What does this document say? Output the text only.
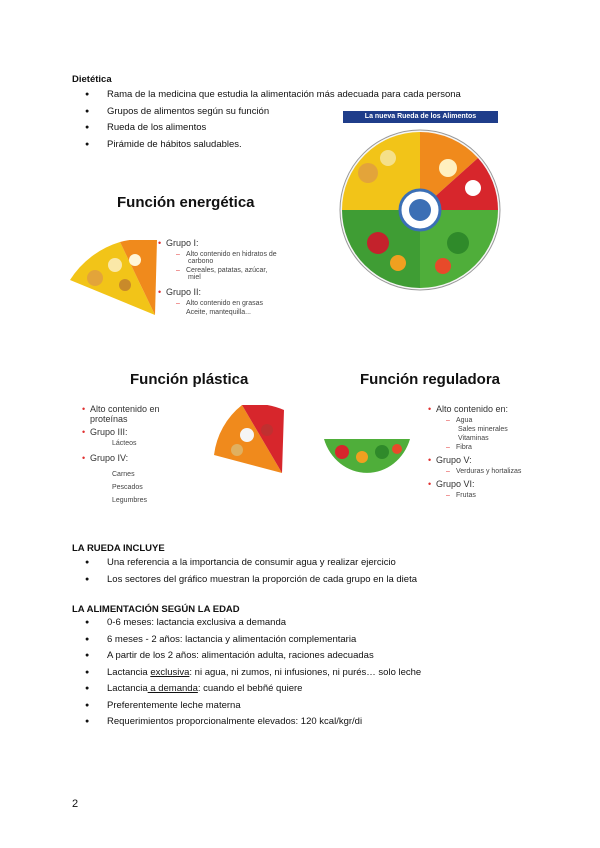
Dietética
● Rama de la medicina que estudia la alimentación más adecuada para cada persona
● Grupos de alimentos según su función
● Rueda de los alimentos
● Pirámide de hábitos saludables.
La nueva Rueda de los Alimentos
Función energética
• Grupo I:
– Alto contenido en hidratos de
carbono
– Cereales, patatas, azúcar,
miel
• Grupo II:
– Alto contenido en grasas
Aceite, mantequilla...
Función plástica
• Alto contenido en
proteínas
• Grupo III:
Lácteos
• Grupo IV:
Carnes
Pescados
Legumbres
Función reguladora
• Alto contenido en:
– Agua
Sales minerales
Vitaminas
– Fibra
• Grupo V:
– Verduras y hortalizas
• Grupo VI:
– Frutas
LA RUEDA INCLUYE
● Una referencia a la importancia de consumir agua y realizar ejercicio
● Los sectores del gráfico muestran la proporción de cada grupo en la dieta
LA ALIMENTACIÓN SEGÚN LA EDAD
● 0-6 meses: lactancia exclusiva a demanda
● 6 meses - 2 años: lactancia y alimentación complementaria
● A partir de los 2 años: alimentación adulta, raciones adecuadas
● Lactancia exclusiva: ni agua, ni zumos, ni infusiones, ni purés… solo leche
● Lactancia a demanda: cuando el bebñé quiere
● Preferentemente leche materna
● Requerimientos proporcionalmente elevados: 120 kcal/kgr/di
2
